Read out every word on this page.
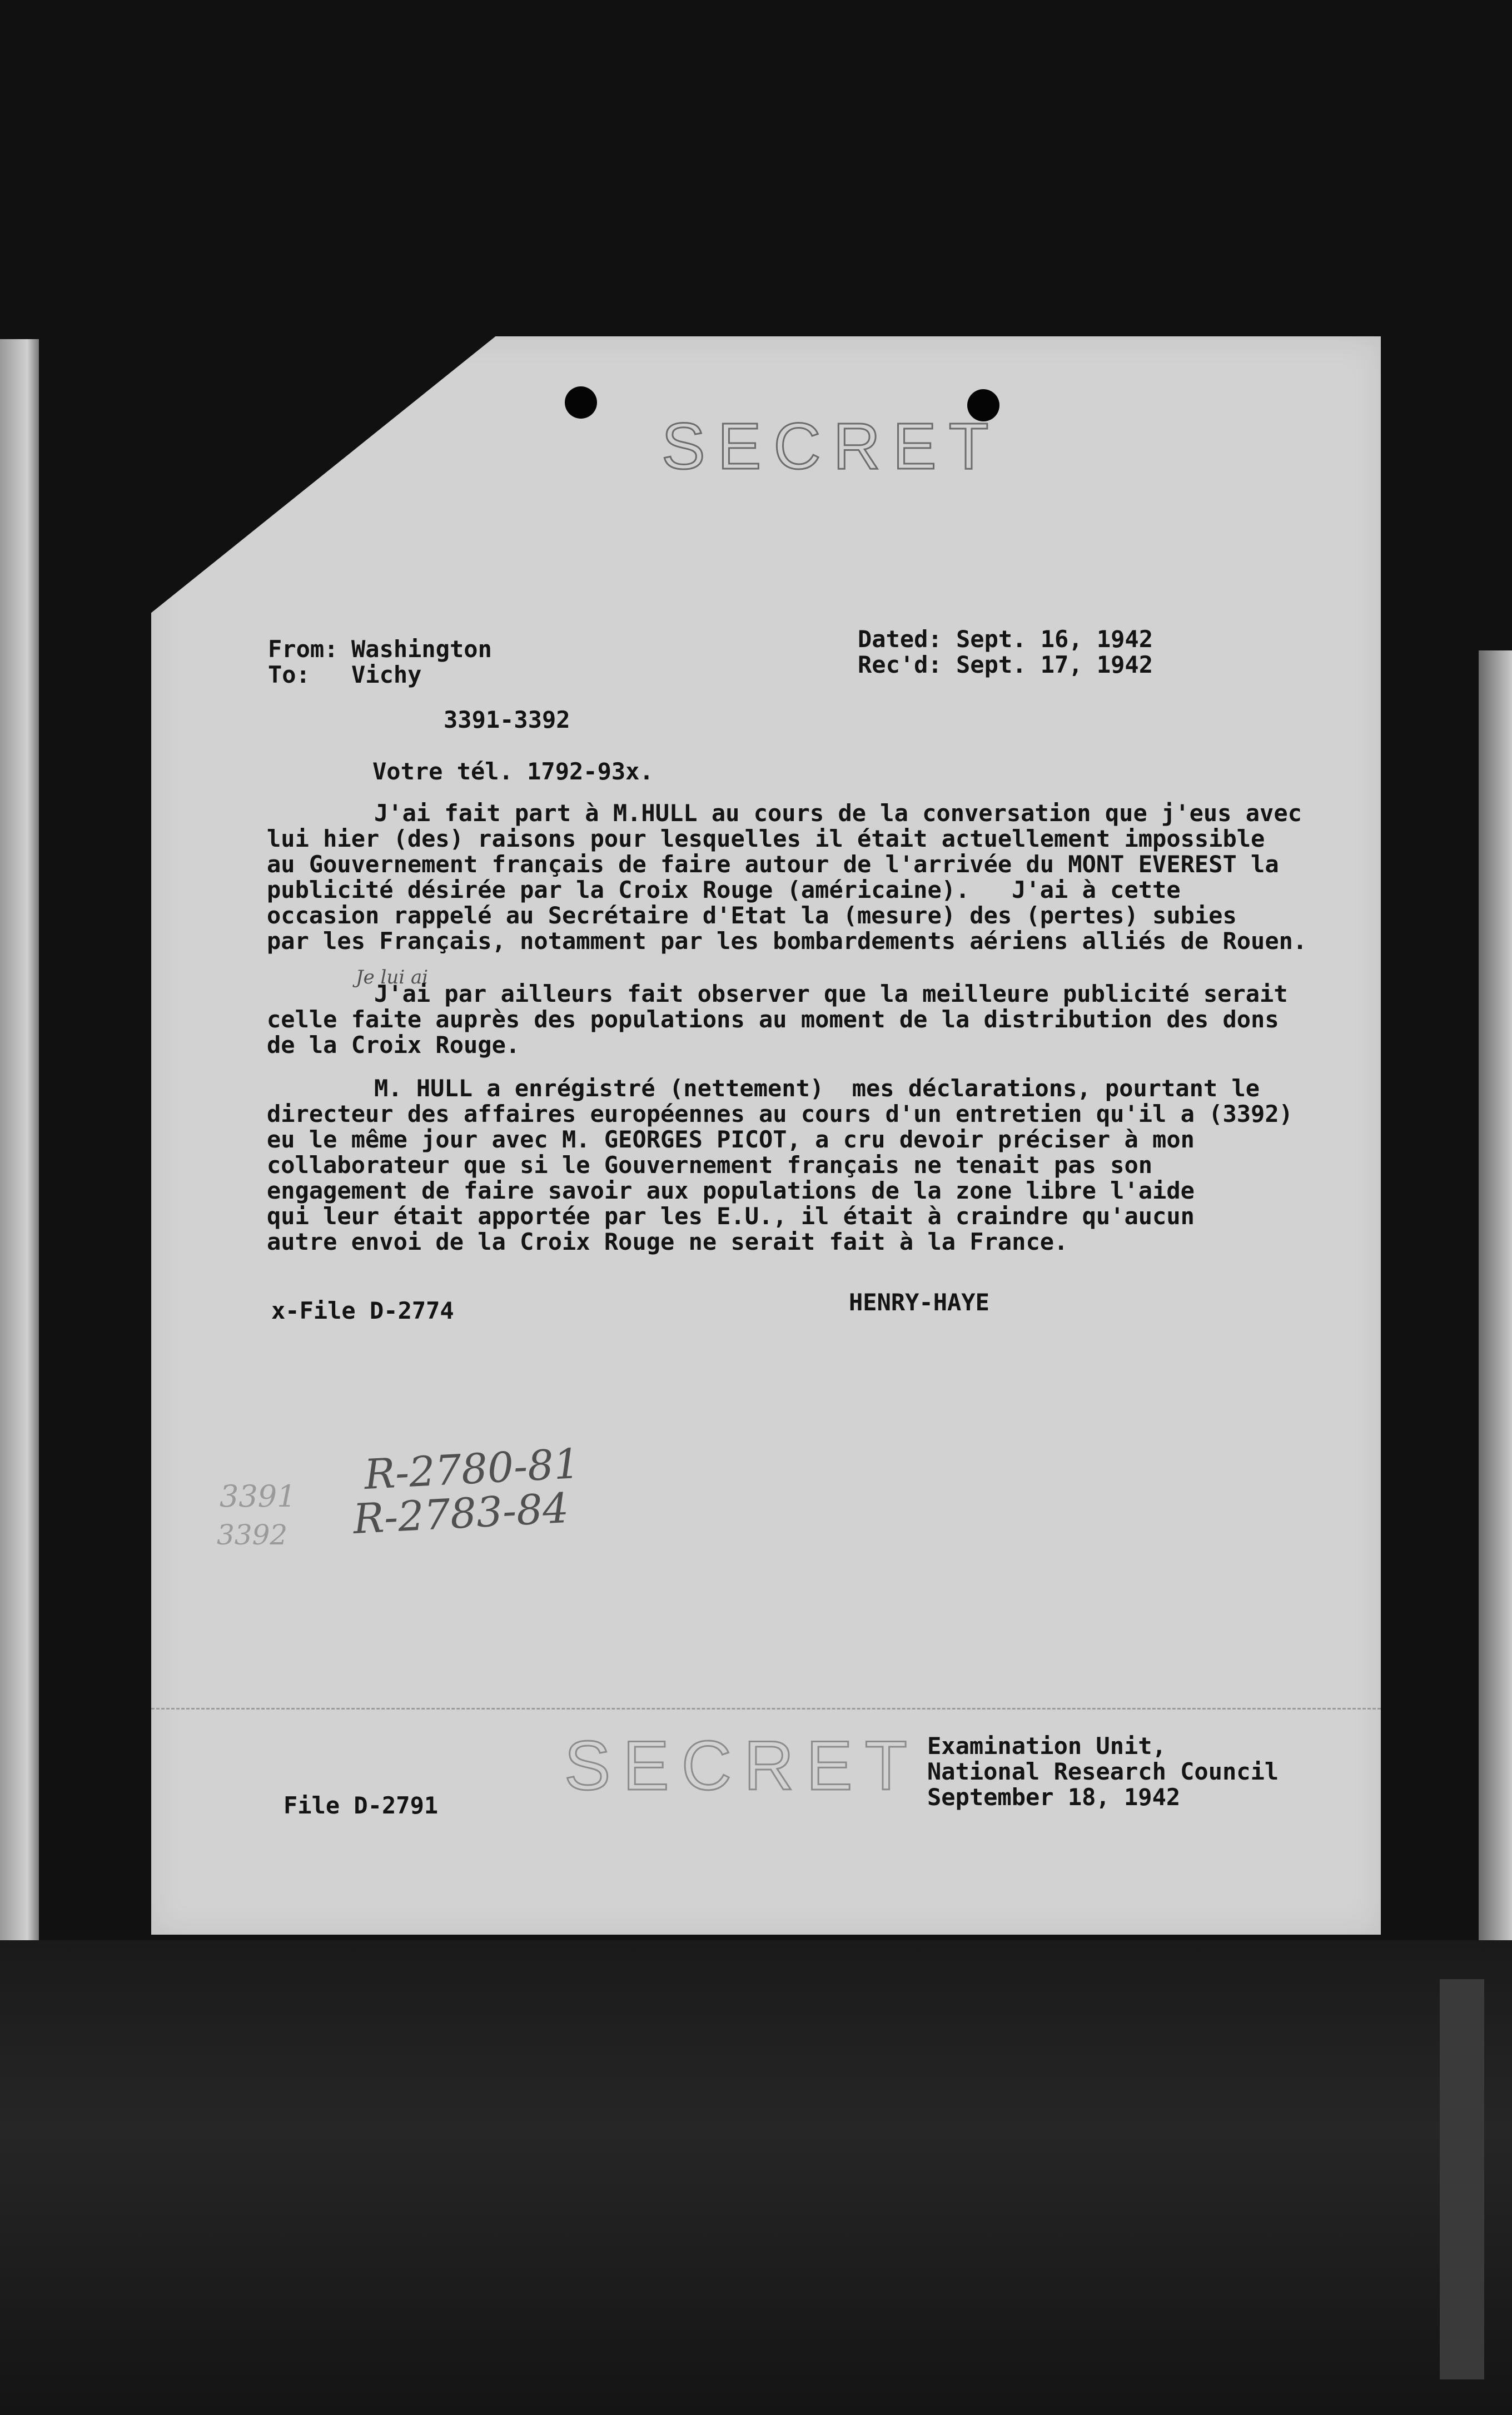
SECRET
From: Washington
To: Vichy
Dated: Sept. 16, 1942
Rec'd: Sept. 17, 1942
3391-3392
Votre tél. 1792-93x.
J'ai fait part à M.HULL au cours de la conversation que j'eus avec
lui hier (des) raisons pour lesquelles il était actuellement impossible
au Gouvernement français de faire autour de l'arrivée du MONT EVEREST la
publicité désirée par la Croix Rouge (américaine).   J'ai à cette
occasion rappelé au Secrétaire d'Etat la (mesure) des (pertes) subies
par les Français, notamment par les bombardements aériens alliés de Rouen.
Je lui ai
J'ai par ailleurs fait observer que la meilleure publicité serait
celle faite auprès des populations au moment de la distribution des dons
de la Croix Rouge.
M. HULL a enrégistré (nettement)  mes déclarations, pourtant le
directeur des affaires européennes au cours d'un entretien qu'il a (3392)
eu le même jour avec M. GEORGES PICOT, a cru devoir préciser à mon
collaborateur que si le Gouvernement français ne tenait pas son
engagement de faire savoir aux populations de la zone libre l'aide
qui leur était apportée par les E.U., il était à craindre qu'aucun
autre envoi de la Croix Rouge ne serait fait à la France.
x-File D-2774	HENRY-HAYE
3391
3392
R-2780-81
R-2783-84
SECRET
File D-2791
Examination Unit,
National Research Council
September 18, 1942
